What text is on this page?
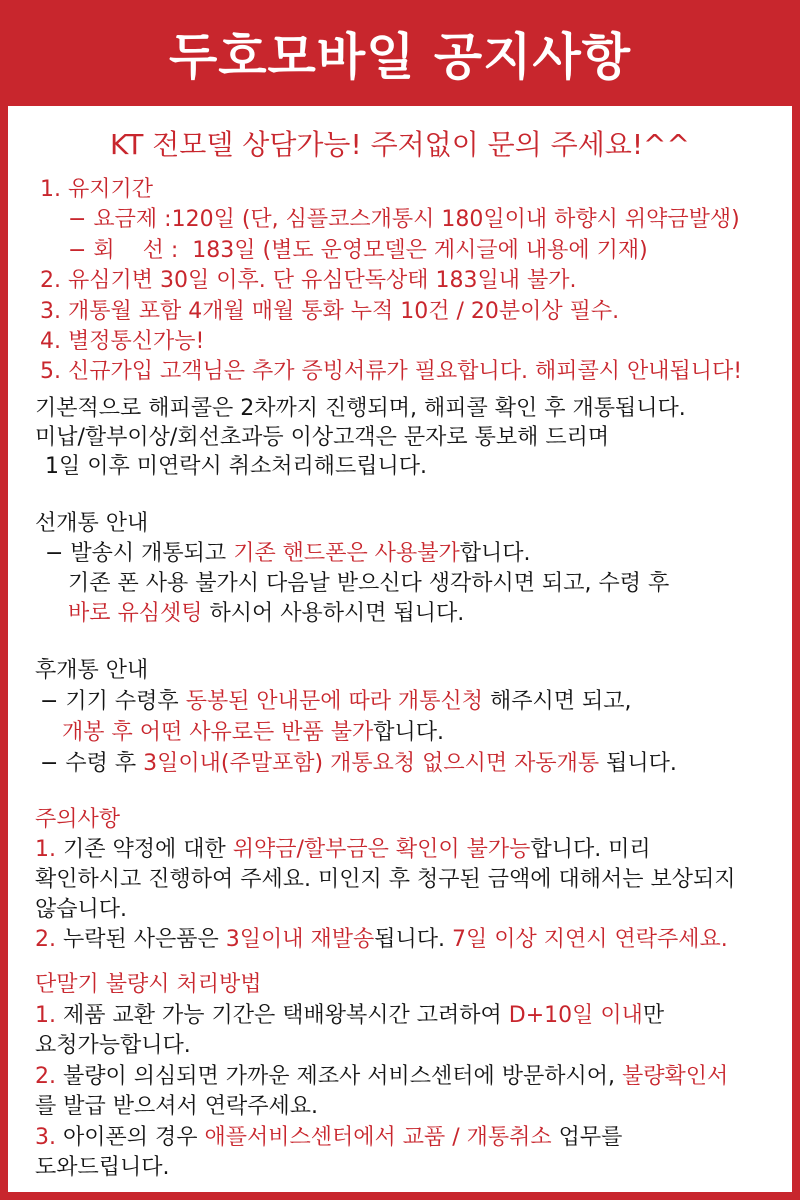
두호모바일 공지사항
KT 전모델 상담가능! 주저없이 문의 주세요!^^
1. 유지기간
− 요금제 :120일 (단, 심플코스개통시 180일이내 하향시 위약금발생)
− 회    선 :  183일 (별도 운영모델은 게시글에 내용에 기재)
2. 유심기변 30일 이후. 단 유심단독상태 183일내 불가.
3. 개통월 포함 4개월 매월 통화 누적 10건 / 20분이상 필수.
4. 별정통신가능!
5. 신규가입 고객님은 추가 증빙서류가 필요합니다. 해피콜시 안내됩니다!
기본적으로 해피콜은 2차까지 진행되며, 해피콜 확인 후 개통됩니다.
미납/할부이상/회선초과등 이상고객은 문자로 통보해 드리며
1일 이후 미연락시 취소처리해드립니다.
선개통 안내
− 발송시 개통되고 기존 핸드폰은 사용불가합니다.
기존 폰 사용 불가시 다음날 받으신다 생각하시면 되고, 수령 후
바로 유심셋팅 하시어 사용하시면 됩니다.
후개통 안내
− 기기 수령후 동봉된 안내문에 따라 개통신청 해주시면 되고,
개봉 후 어떤 사유로든 반품 불가합니다.
− 수령 후 3일이내(주말포함) 개통요청 없으시면 자동개통 됩니다.
주의사항
1. 기존 약정에 대한 위약금/할부금은 확인이 불가능합니다. 미리
확인하시고 진행하여 주세요. 미인지 후 청구된 금액에 대해서는 보상되지
않습니다.
2. 누락된 사은품은 3일이내 재발송됩니다. 7일 이상 지연시 연락주세요.
단말기 불량시 처리방법
1. 제품 교환 가능 기간은 택배왕복시간 고려하여 D+10일 이내만
요청가능합니다.
2. 불량이 의심되면 가까운 제조사 서비스센터에 방문하시어, 불량확인서
를 발급 받으셔서 연락주세요.
3. 아이폰의 경우 애플서비스센터에서 교품 / 개통취소 업무를
도와드립니다.
